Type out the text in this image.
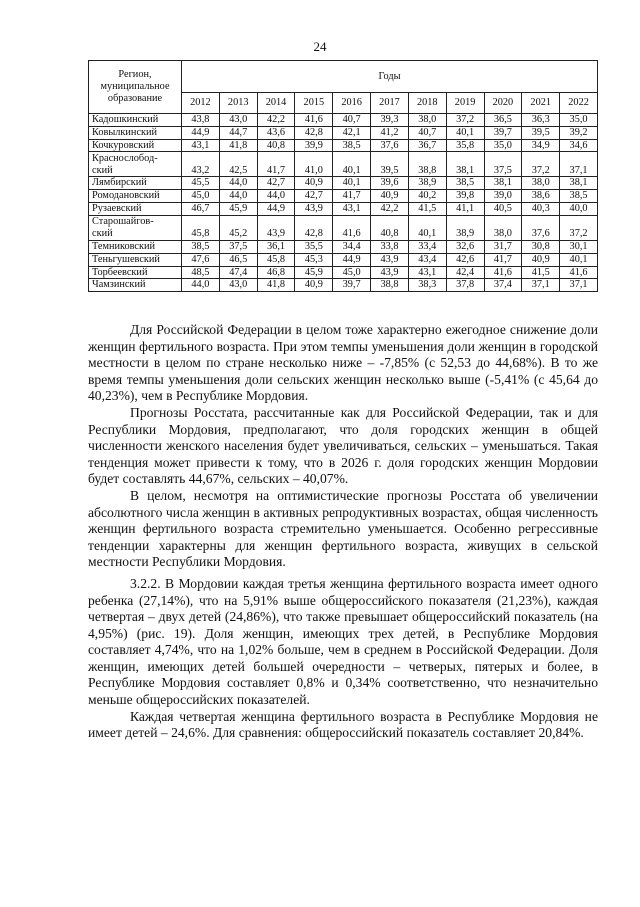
24
Регион, муниципальное образование	Годы										
	2012	2013	2014	2015	2016	2017	2018	2019	2020	2021	2022
Кадошкинский	43,8	43,0	42,2	41,6	40,7	39,3	38,0	37,2	36,5	36,3	35,0
Ковылкинский	44,9	44,7	43,6	42,8	42,1	41,2	40,7	40,1	39,7	39,5	39,2
Кочкуровский	43,1	41,8	40,8	39,9	38,5	37,6	36,7	35,8	35,0	34,9	34,6
Краснослобод-
ский	43,2	42,5	41,7	41,0	40,1	39,5	38,8	38,1	37,5	37,2	37,1
Лямбирский	45,5	44,0	42,7	40,9	40,1	39,6	38,9	38,5	38,1	38,0	38,1
Ромодановский	45,0	44,0	44,0	42,7	41,7	40,9	40,2	39,8	39,0	38,6	38,5
Рузаевский	46,7	45,9	44,9	43,9	43,1	42,2	41,5	41,1	40,5	40,3	40,0
Старошайгов-
ский	45,8	45,2	43,9	42,8	41,6	40,8	40,1	38,9	38,0	37,6	37,2
Темниковский	38,5	37,5	36,1	35,5	34,4	33,8	33,4	32,6	31,7	30,8	30,1
Теньгушевский	47,6	46,5	45,8	45,3	44,9	43,9	43,4	42,6	41,7	40,9	40,1
Торбеевский	48,5	47,4	46,8	45,9	45,0	43,9	43,1	42,4	41,6	41,5	41,6
Чамзинский	44,0	43,0	41,8	40,9	39,7	38,8	38,3	37,8	37,4	37,1	37,1

Для Российской Федерации в целом тоже характерно ежегодное снижение доли женщин фертильного возраста. При этом темпы уменьшения доли женщин в городской местности в целом по стране несколько ниже – -7,85% (с 52,53 до 44,68%). В то же время темпы уменьшения доли сельских женщин несколько выше (-5,41% (с 45,64 до 40,23%), чем в Республике Мордовия.

Прогнозы Росстата, рассчитанные как для Российской Федерации, так и для Республики Мордовия, предполагают, что доля городских женщин в общей численности женского населения будет увеличиваться, сельских – уменьшаться. Такая тенденция может привести к тому, что в 2026 г. доля городских женщин Мордовии будет составлять 44,67%, сельских – 40,07%.

В целом, несмотря на оптимистические прогнозы Росстата об увеличении абсолютного числа женщин в активных репродуктивных возрастах, общая численность женщин фертильного возраста стремительно уменьшается. Особенно регрессивные тенденции характерны для женщин фертильного возраста, живущих в сельской местности Республики Мордовия.

3.2.2. В Мордовии каждая третья женщина фертильного возраста имеет одного ребенка (27,14%), что на 5,91% выше общероссийского показателя (21,23%), каждая четвертая – двух детей (24,86%), что также превышает общероссийский показатель (на 4,95%) (рис. 19). Доля женщин, имеющих трех детей, в Республике Мордовия составляет 4,74%, что на 1,02% больше, чем в среднем в Российской Федерации. Доля женщин, имеющих детей большей очередности – четверых, пятерых и более, в Республике Мордовия составляет 0,8% и 0,34% соответственно, что незначительно меньше общероссийских показателей.

Каждая четвертая женщина фертильного возраста в Республике Мордовия не имеет детей – 24,6%. Для сравнения: общероссийский показатель составляет 20,84%.
